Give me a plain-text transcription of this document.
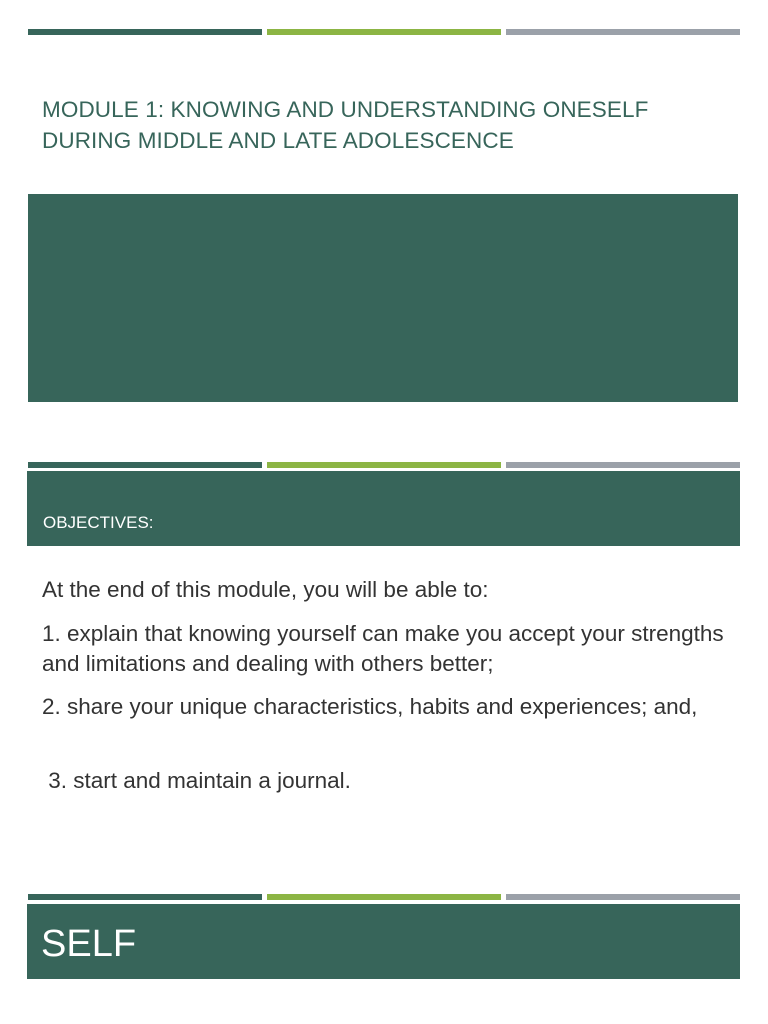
MODULE 1: KNOWING AND UNDERSTANDING ONESELF DURING MIDDLE AND LATE ADOLESCENCE
OBJECTIVES:
At the end of this module, you will be able to:
1. explain that knowing yourself can make you accept your strengths and limitations and dealing with others better;
2. share your unique characteristics, habits and experiences; and,
3. start and maintain a journal.
SELF
